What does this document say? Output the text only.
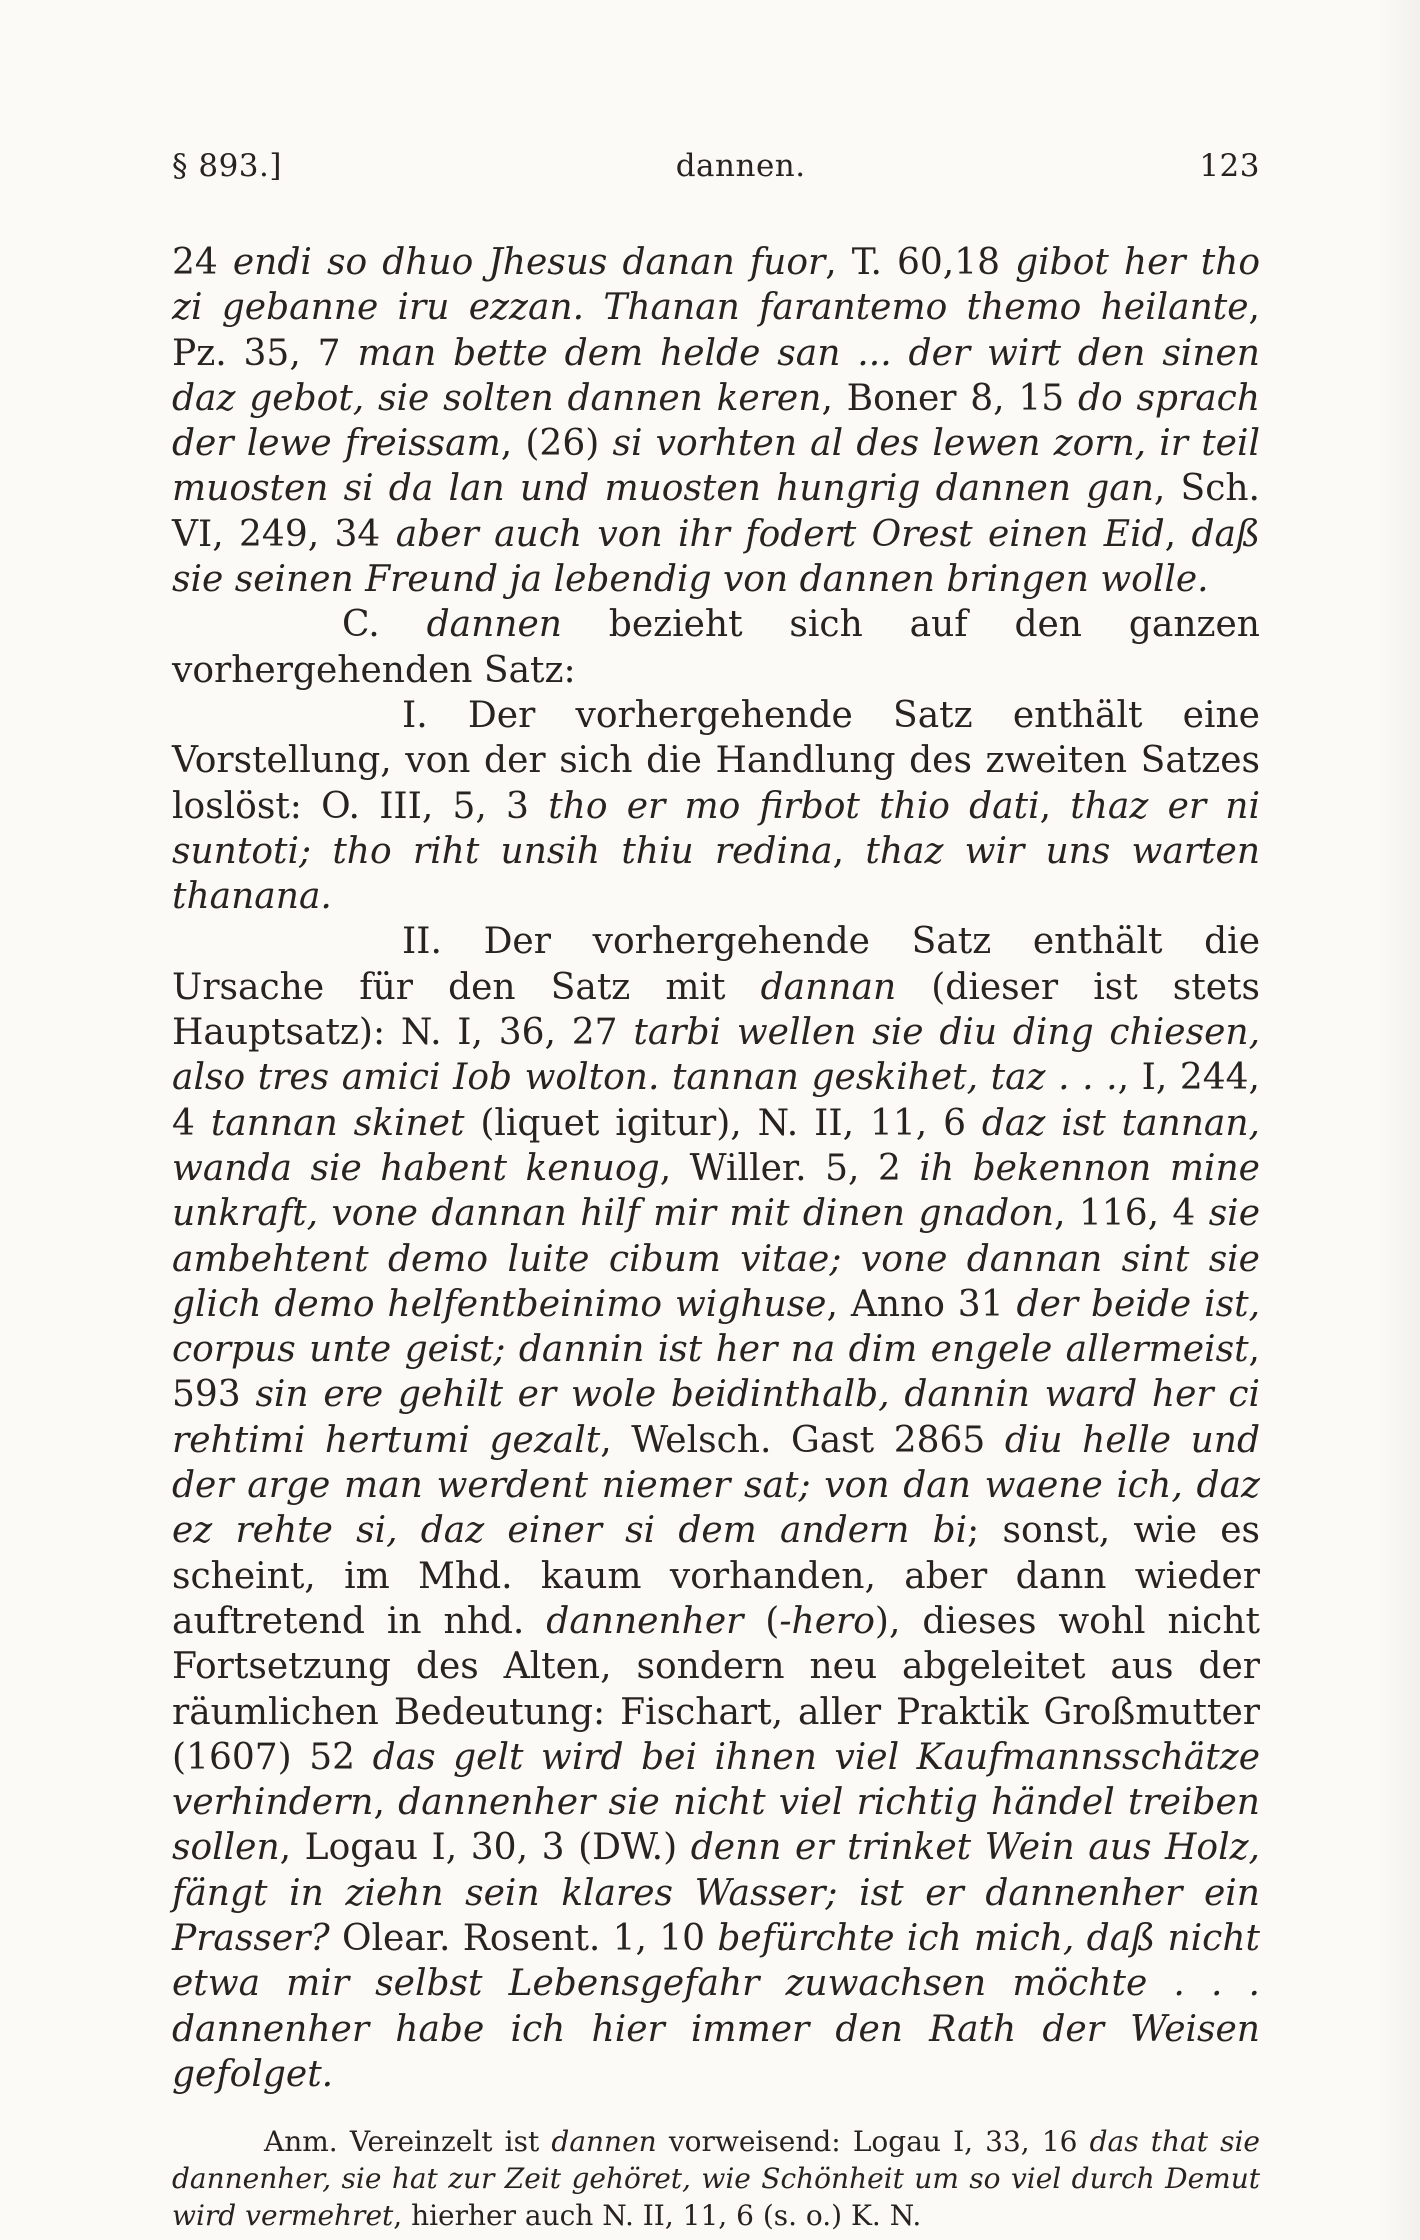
§ 893.]	dannen.	123

24 endi so dhuo Jhesus danan fuor, T. 60,18 gibot her tho zi gebanne iru ezzan. Thanan farantemo themo heilante, Pz. 35, 7 man bette dem helde san ... der wirt den sinen daz gebot, sie solten dannen keren, Boner 8, 15 do sprach der lewe freissam, (26) si vorhten al des lewen zorn, ir teil muosten si da lan und muosten hungrig dannen gan, Sch. VI, 249, 34 aber auch von ihr fodert Orest einen Eid, daß sie seinen Freund ja lebendig von dannen bringen wolle.

C. dannen bezieht sich auf den ganzen vorhergehenden Satz:

I. Der vorhergehende Satz enthält eine Vorstellung, von der sich die Handlung des zweiten Satzes loslöst: O. III, 5, 3 tho er mo firbot thio dati, thaz er ni suntoti; tho riht unsih thiu redina, thaz wir uns warten thanana.

II. Der vorhergehende Satz enthält die Ursache für den Satz mit dannan (dieser ist stets Hauptsatz): N. I, 36, 27 tarbi wellen sie diu ding chiesen, also tres amici Iob wolton. tannan geskihet, taz . . ., I, 244, 4 tannan skinet (liquet igitur), N. II, 11, 6 daz ist tannan, wanda sie habent kenuog, Willer. 5, 2 ih bekennon mine unkraft, vone dannan hilf mir mit dinen gnadon, 116, 4 sie ambehtent demo luite cibum vitae; vone dannan sint sie glich demo helfentbeinimo wighuse, Anno 31 der beide ist, corpus unte geist; dannin ist her na dim engele allermeist, 593 sin ere gehilt er wole beidinthalb, dannin ward her ci rehtimi hertumi gezalt, Welsch. Gast 2865 diu helle und der arge man werdent niemer sat; von dan waene ich, daz ez rehte si, daz einer si dem andern bi; sonst, wie es scheint, im Mhd. kaum vorhanden, aber dann wieder auftretend in nhd. dannenher (-hero), dieses wohl nicht Fortsetzung des Alten, sondern neu abgeleitet aus der räumlichen Bedeutung: Fischart, aller Praktik Großmutter (1607) 52 das gelt wird bei ihnen viel Kaufmannsschätze verhindern, dannenher sie nicht viel richtig händel treiben sollen, Logau I, 30, 3 (DW.) denn er trinket Wein aus Holz, fängt in ziehn sein klares Wasser; ist er dannenher ein Prasser? Olear. Rosent. 1, 10 befürchte ich mich, daß nicht etwa mir selbst Lebensgefahr zuwachsen möchte . . . dannenher habe ich hier immer den Rath der Weisen gefolget.

Anm. Vereinzelt ist dannen vorweisend: Logau I, 33, 16 das that sie dannenher, sie hat zur Zeit gehöret, wie Schönheit um so viel durch Demut wird vermehret, hierher auch N. II, 11, 6 (s. o.) K. N.
